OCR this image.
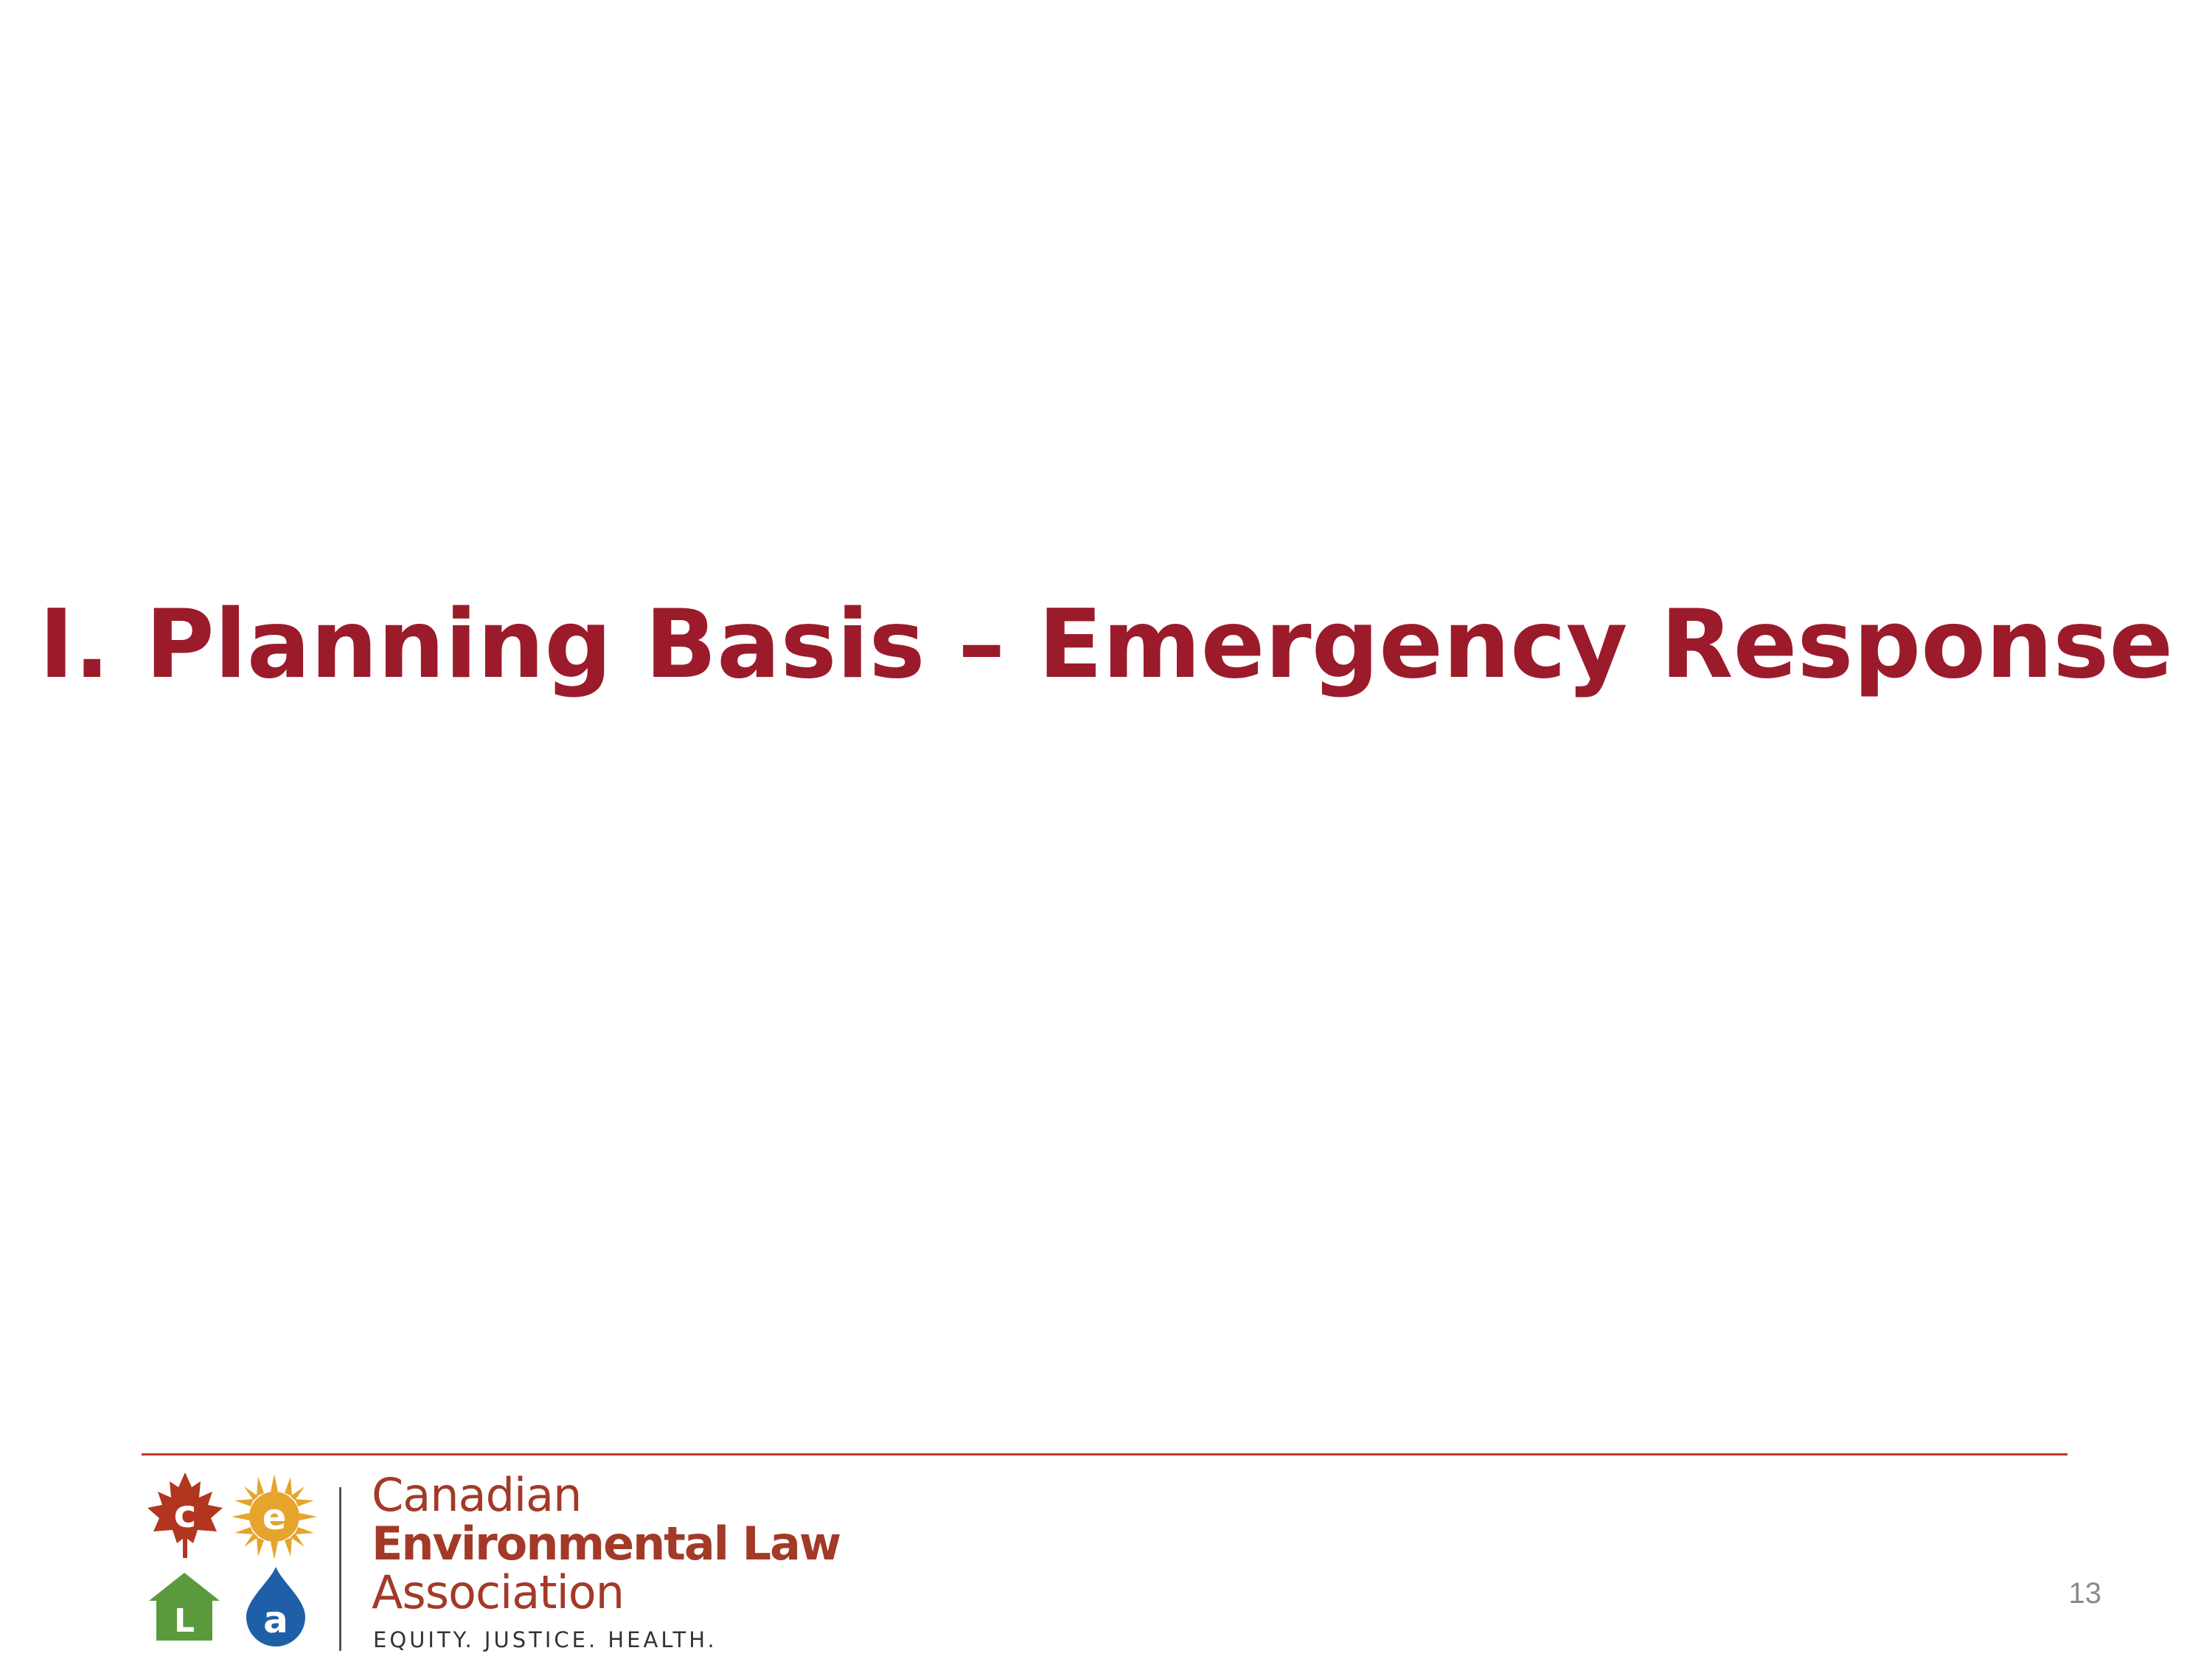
I. Planning Basis – Emergency Response
c e
L a
Canadian
Environmental Law
Association
EQUITY. JUSTICE. HEALTH.
13
